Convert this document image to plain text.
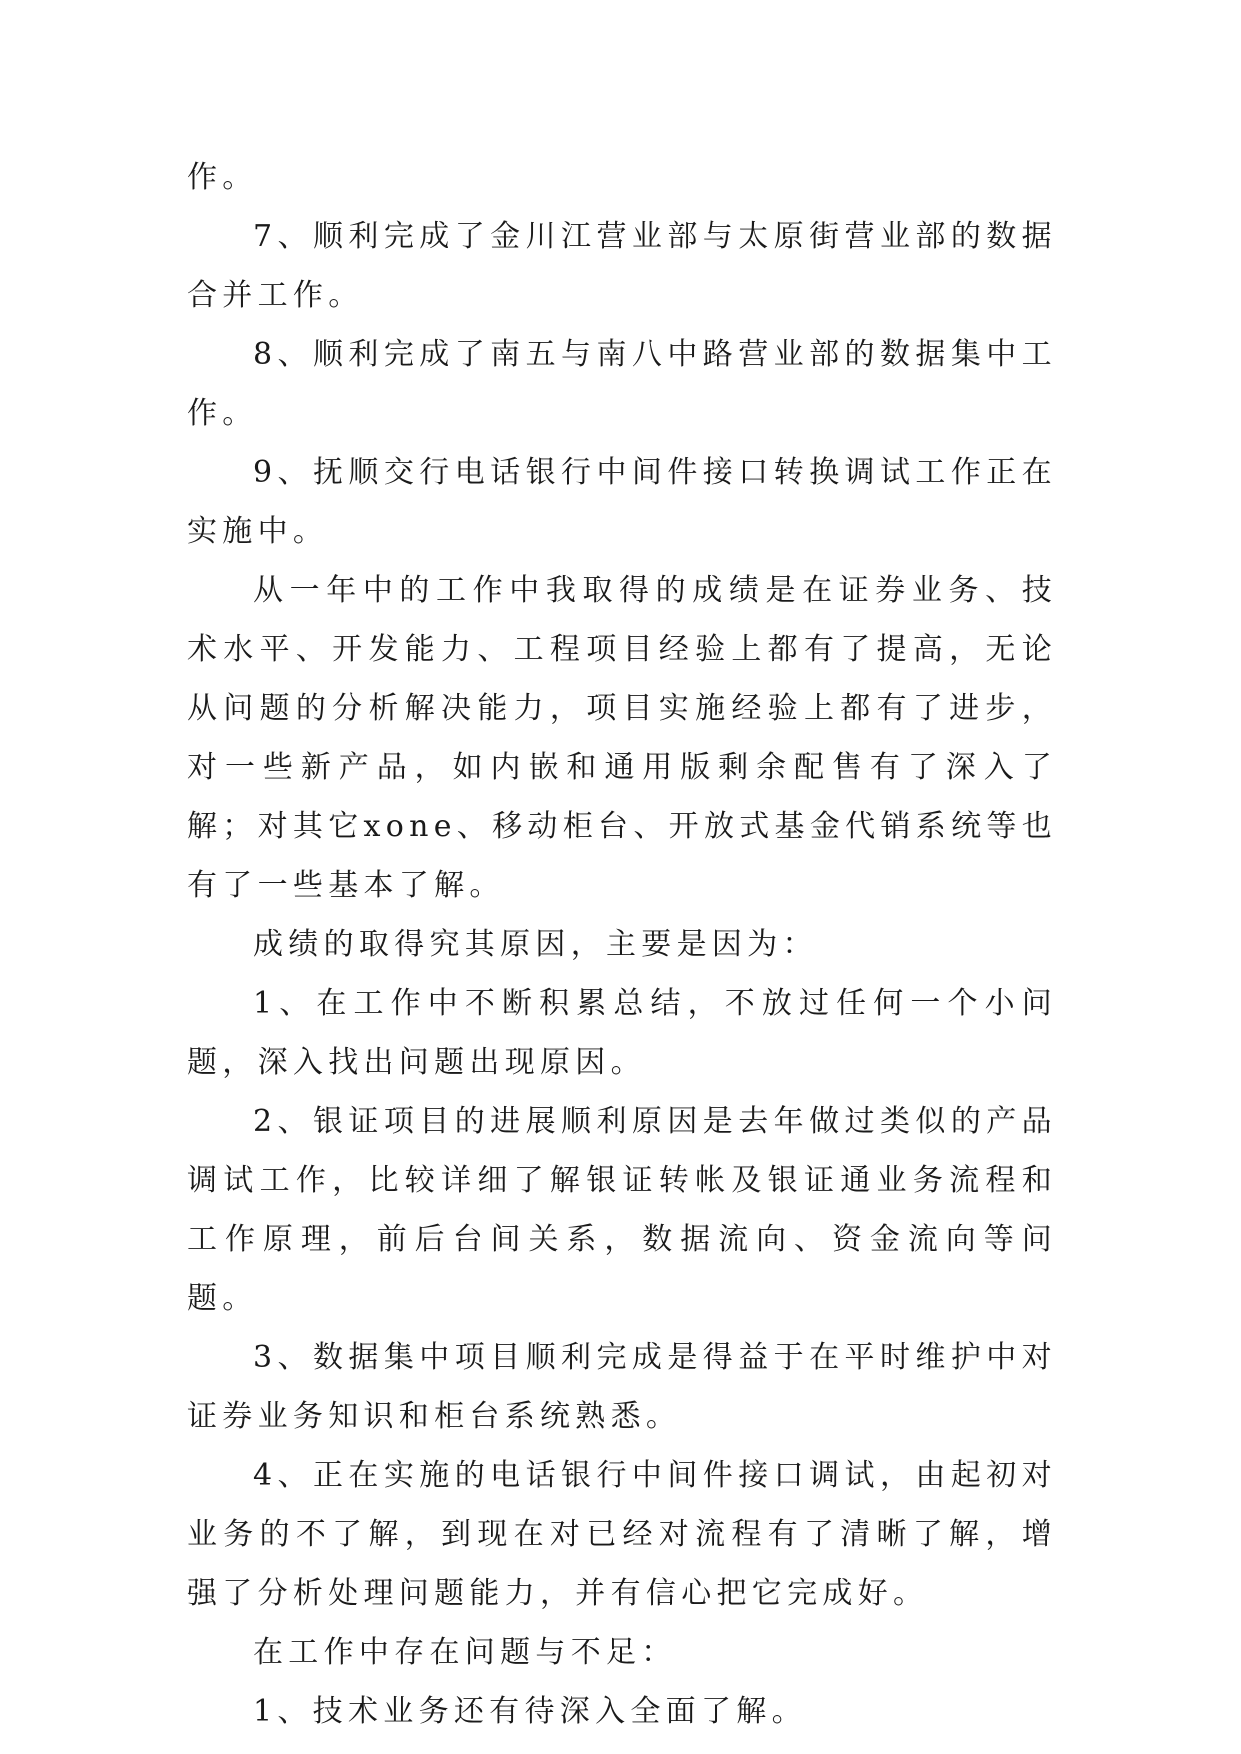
作。

7、顺利完成了金川江营业部与太原街营业部的数据合并工作。

8、顺利完成了南五与南八中路营业部的数据集中工作。

9、抚顺交行电话银行中间件接口转换调试工作正在实施中。

从一年中的工作中我取得的成绩是在证券业务、技术水平、开发能力、工程项目经验上都有了提高，无论从问题的分析解决能力，项目实施经验上都有了进步，对一些新产品，如内嵌和通用版剩余配售有了深入了解；对其它xone、移动柜台、开放式基金代销系统等也有了一些基本了解。

成绩的取得究其原因，主要是因为：

1、在工作中不断积累总结，不放过任何一个小问题，深入找出问题出现原因。

2、银证项目的进展顺利原因是去年做过类似的产品调试工作，比较详细了解银证转帐及银证通业务流程和工作原理，前后台间关系，数据流向、资金流向等问题。

3、数据集中项目顺利完成是得益于在平时维护中对证券业务知识和柜台系统熟悉。

4、正在实施的电话银行中间件接口调试，由起初对业务的不了解，到现在对已经对流程有了清晰了解，增强了分析处理问题能力，并有信心把它完成好。

在工作中存在问题与不足：

1、技术业务还有待深入全面了解。
